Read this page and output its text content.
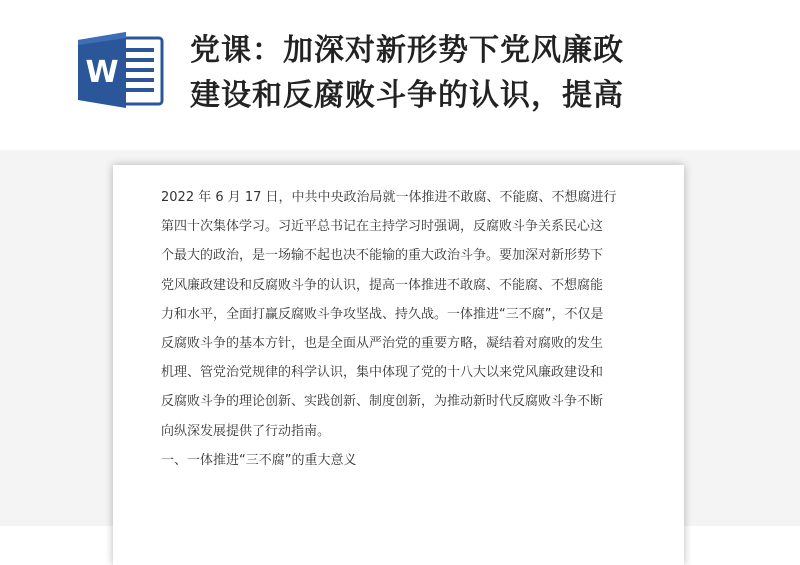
W
党课：加深对新形势下党风廉政
建设和反腐败斗争的认识，提高

2022 年 6 月 17 日，中共中央政治局就一体推进不敢腐、不能腐、不想腐进行

第四十次集体学习。习近平总书记在主持学习时强调，反腐败斗争关系民心这

个最大的政治，是一场输不起也决不能输的重大政治斗争。要加深对新形势下

党风廉政建设和反腐败斗争的认识，提高一体推进不敢腐、不能腐、不想腐能

力和水平，全面打赢反腐败斗争攻坚战、持久战。一体推进“三不腐”，不仅是

反腐败斗争的基本方针，也是全面从严治党的重要方略，凝结着对腐败的发生

机理、管党治党规律的科学认识，集中体现了党的十八大以来党风廉政建设和

反腐败斗争的理论创新、实践创新、制度创新，为推动新时代反腐败斗争不断

向纵深发展提供了行动指南。

一、一体推进“三不腐”的重大意义
